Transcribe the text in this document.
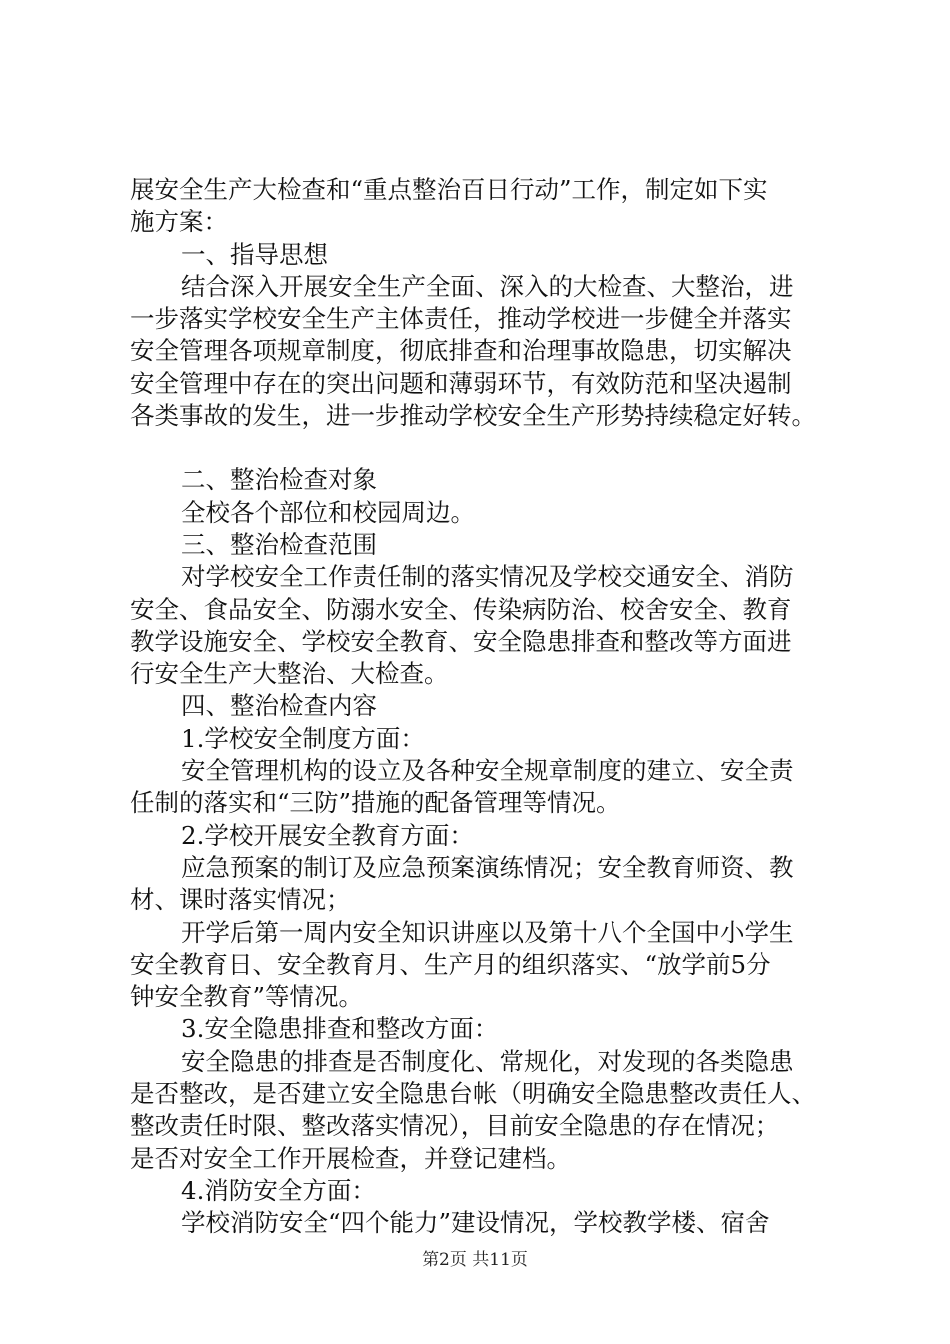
展安全生产大检查和“重点整治百日行动”工作，制定如下实
施方案：
一、指导思想
结合深入开展安全生产全面、深入的大检查、大整治，进
一步落实学校安全生产主体责任，推动学校进一步健全并落实
安全管理各项规章制度，彻底排查和治理事故隐患，切实解决
安全管理中存在的突出问题和薄弱环节，有效防范和坚决遏制
各类事故的发生，进一步推动学校安全生产形势持续稳定好转。
二、整治检查对象
全校各个部位和校园周边。
三、整治检查范围
对学校安全工作责任制的落实情况及学校交通安全、消防
安全、食品安全、防溺水安全、传染病防治、校舍安全、教育
教学设施安全、学校安全教育、安全隐患排查和整改等方面进
行安全生产大整治、大检查。
四、整治检查内容
1.学校安全制度方面：
安全管理机构的设立及各种安全规章制度的建立、安全责
任制的落实和“三防”措施的配备管理等情况。
2.学校开展安全教育方面：
应急预案的制订及应急预案演练情况；安全教育师资、教
材、课时落实情况；
开学后第一周内安全知识讲座以及第十八个全国中小学生
安全教育日、安全教育月、生产月的组织落实、“放学前5分
钟安全教育”等情况。
3.安全隐患排查和整改方面：
安全隐患的排查是否制度化、常规化，对发现的各类隐患
是否整改，是否建立安全隐患台帐（明确安全隐患整改责任人、
整改责任时限、整改落实情况），目前安全隐患的存在情况；
是否对安全工作开展检查，并登记建档。
4.消防安全方面：
学校消防安全“四个能力”建设情况，学校教学楼、宿舍
第2页 共11页
